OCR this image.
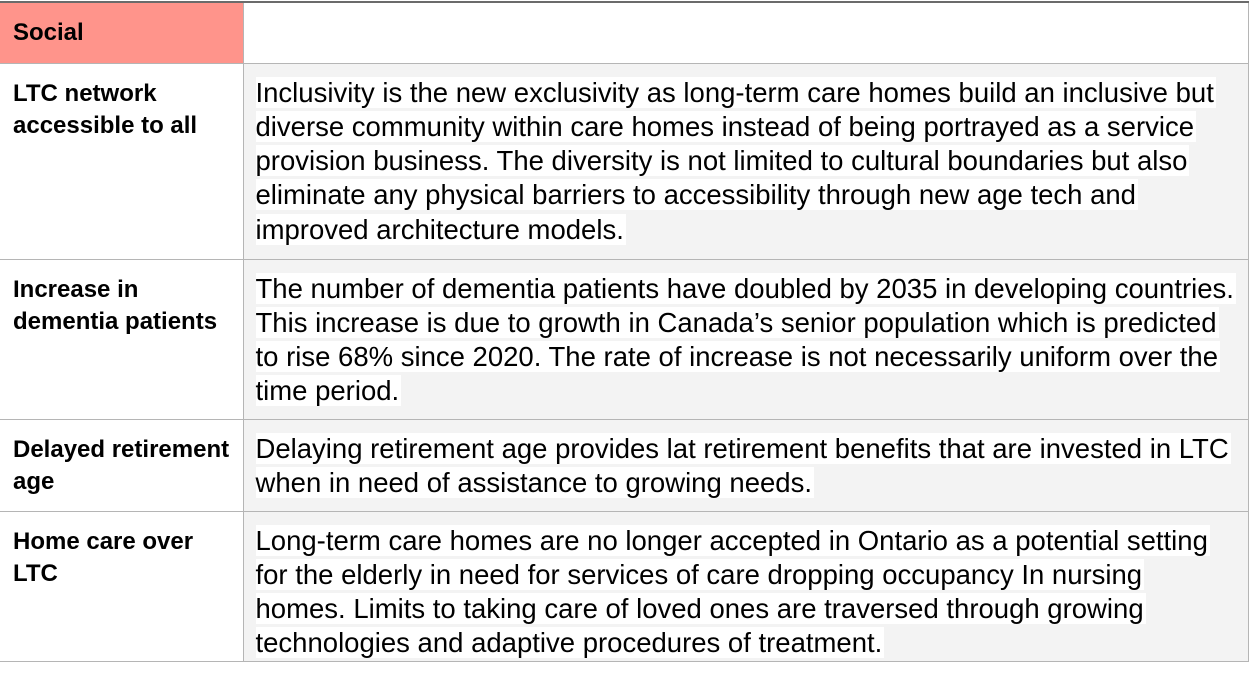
Social	
LTC network accessible to all	Inclusivity is the new exclusivity as long-term care homes build an inclusive but diverse community within care homes instead of being portrayed as a service provision business. The diversity is not limited to cultural boundaries but also eliminate any physical barriers to accessibility through new age tech and improved architecture models.
Increase in dementia patients	The number of dementia patients have doubled by 2035 in developing countries. This increase is due to growth in Canada’s senior population which is predicted to rise 68% since 2020. The rate of increase is not necessarily uniform over the time period.
Delayed retirement age	Delaying retirement age provides lat retirement benefits that are invested in LTC when in need of assistance to growing needs.
Home care over LTC	Long-term care homes are no longer accepted in Ontario as a potential setting for the elderly in need for services of care dropping occupancy In nursing homes. Limits to taking care of loved ones are traversed through growing technologies and adaptive procedures of treatment.
